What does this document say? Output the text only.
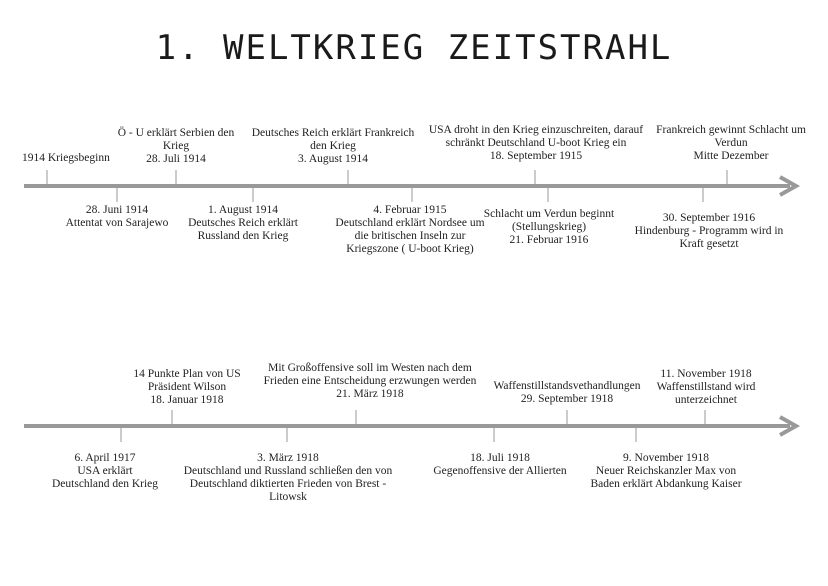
1. WELTKRIEG ZEITSTRAHL
1914 Kriegsbeginn
28. Juni 1914
Attentat von Sarajewo
Ö - U erklärt Serbien den
Krieg
28. Juli 1914
1. August 1914
Deutsches Reich erklärt
Russland den Krieg
Deutsches Reich erklärt Frankreich
den Krieg
3. August 1914
4. Februar 1915
Deutschland erklärt Nordsee um
die britischen Inseln zur
Kriegszone ( U-boot Krieg)
USA droht in den Krieg einzuschreiten, darauf
schränkt Deutschland U-boot Krieg ein
18. September 1915
Schlacht um Verdun beginnt
(Stellungskrieg)
21. Februar 1916
30. September 1916
Hindenburg - Programm wird in
Kraft gesetzt
Frankreich gewinnt Schlacht um
Verdun
Mitte Dezember
6. April 1917
USA erklärt
Deutschland den Krieg
14 Punkte Plan von US
Präsident Wilson
18. Januar 1918
3. März 1918
Deutschland und Russland schließen den von
Deutschland diktierten Frieden von Brest -
Litowsk
Mit Großoffensive soll im Westen nach dem
Frieden eine Entscheidung erzwungen werden
21. März 1918
18. Juli 1918
Gegenoffensive der Allierten
Waffenstillstandsvethandlungen
29. September 1918
9. November 1918
Neuer Reichskanzler Max von
Baden erklärt Abdankung Kaiser
11. November 1918
Waffenstillstand wird
unterzeichnet
